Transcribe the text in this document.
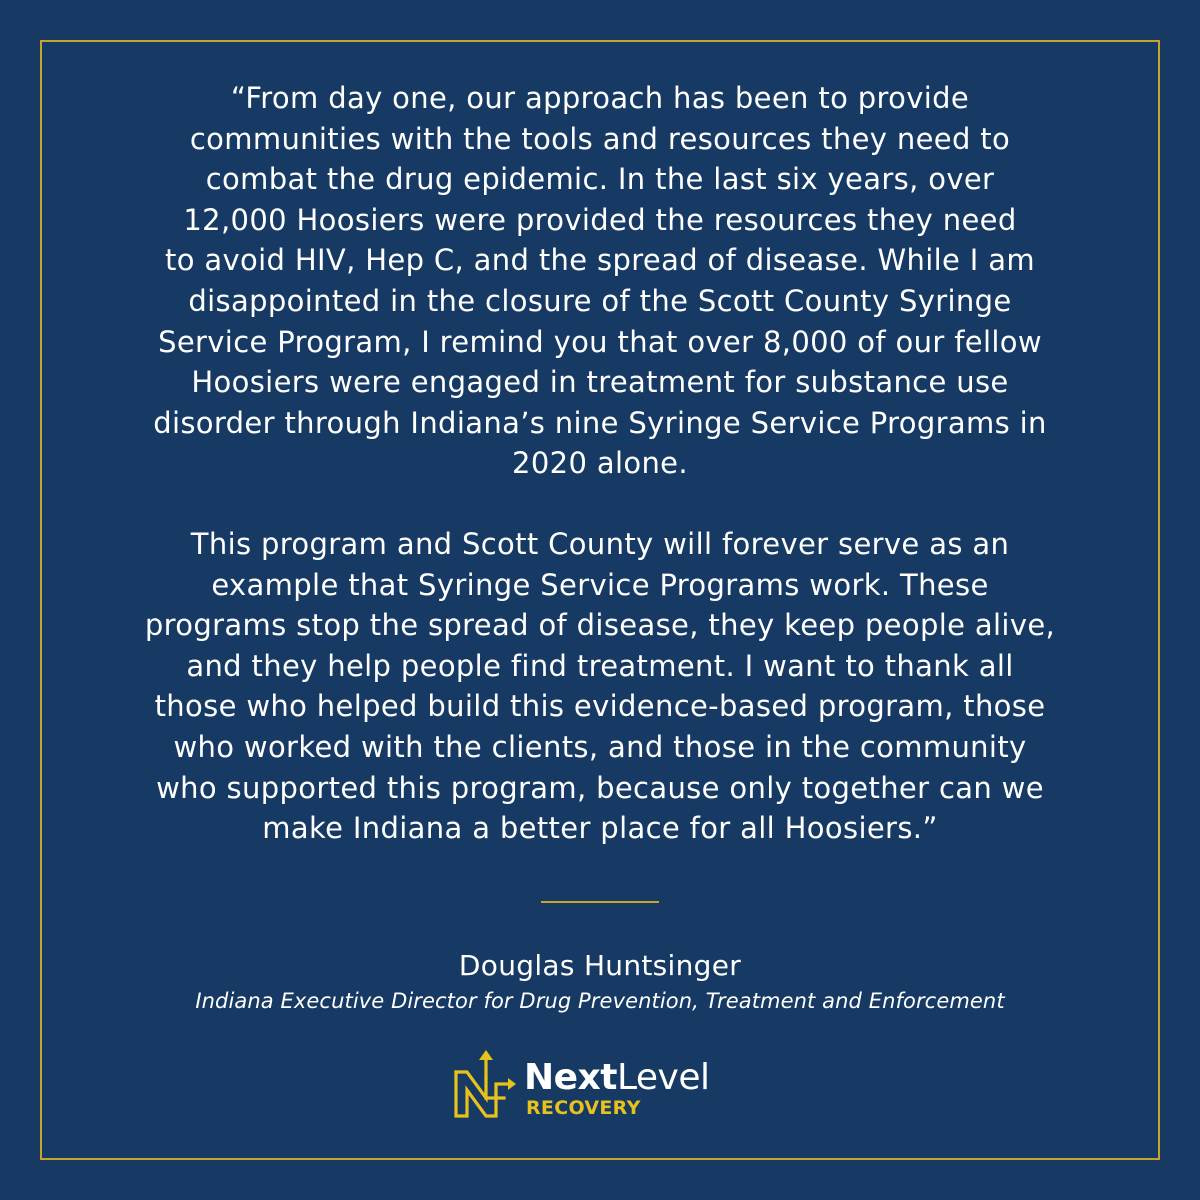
“From day one, our approach has been to provide
communities with the tools and resources they need to
combat the drug epidemic. In the last six years, over
12,000 Hoosiers were provided the resources they need
to avoid HIV, Hep C, and the spread of disease. While I am
disappointed in the closure of the Scott County Syringe
Service Program, I remind you that over 8,000 of our fellow
Hoosiers were engaged in treatment for substance use
disorder through Indiana’s nine Syringe Service Programs in
2020 alone.
This program and Scott County will forever serve as an
example that Syringe Service Programs work. These
programs stop the spread of disease, they keep people alive,
and they help people find treatment. I want to thank all
those who helped build this evidence-based program, those
who worked with the clients, and those in the community
who supported this program, because only together can we
make Indiana a better place for all Hoosiers.”
Douglas Huntsinger
Indiana Executive Director for Drug Prevention, Treatment and Enforcement
NextLevel
RECOVERY
